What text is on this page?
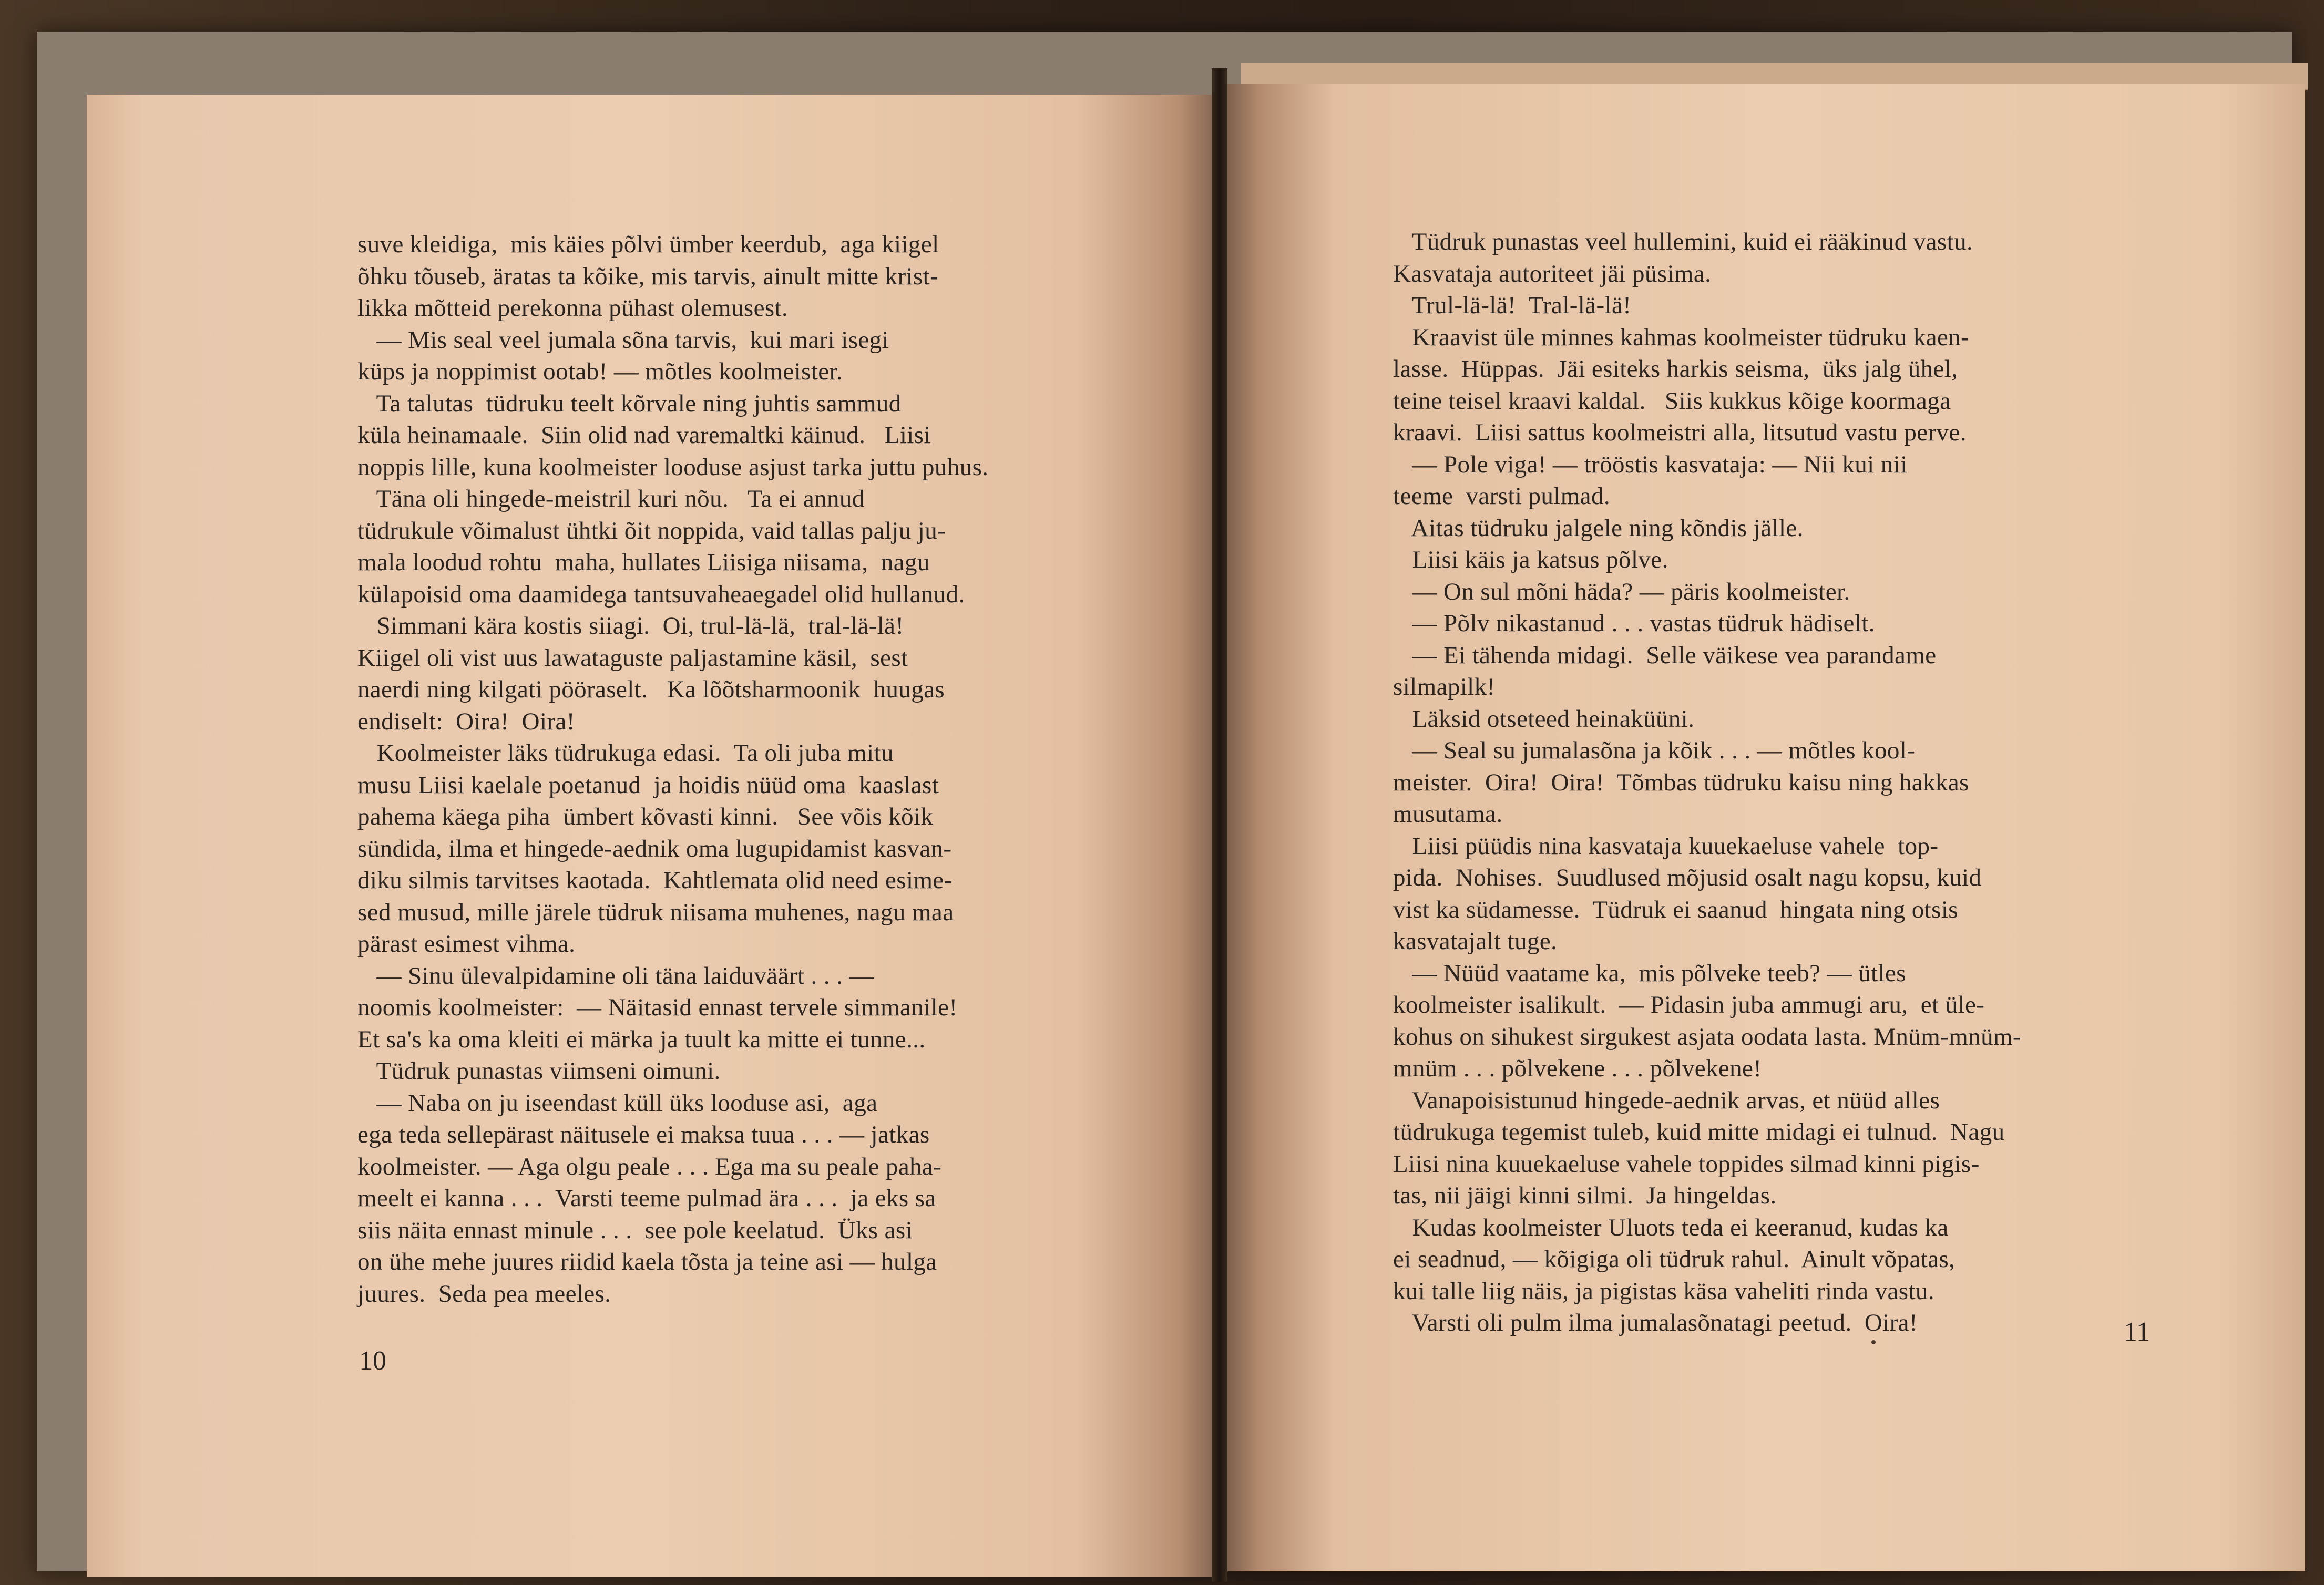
suve kleidiga,  mis käies põlvi ümber keerdub,  aga kiigel
õhku tõuseb, äratas ta kõike, mis tarvis, ainult mitte krist-
likka mõtteid perekonna pühast olemusest.
— Mis seal veel jumala sõna tarvis,  kui mari isegi
küps ja noppimist ootab! — mõtles koolmeister.
Ta talutas  tüdruku teelt kõrvale ning juhtis sammud
küla heinamaale.  Siin olid nad varemaltki käinud.   Liisi
noppis lille, kuna koolmeister looduse asjust tarka juttu puhus.
Täna oli hingede-meistril kuri nõu.   Ta ei annud
tüdrukule võimalust ühtki õit noppida, vaid tallas palju ju-
mala loodud rohtu  maha, hullates Liisiga niisama,  nagu
külapoisid oma daamidega tantsuvaheaegadel olid hullanud.
Simmani kära kostis siiagi.  Oi, trul-lä-lä,  tral-lä-lä!
Kiigel oli vist uus lawataguste paljastamine käsil,  sest
naerdi ning kilgati pööraselt.   Ka lõõtsharmoonik  huugas
endiselt:  Oira!  Oira!
Koolmeister läks tüdrukuga edasi.  Ta oli juba mitu
musu Liisi kaelale poetanud  ja hoidis nüüd oma  kaaslast
pahema käega piha  ümbert kõvasti kinni.   See võis kõik
sündida, ilma et hingede-aednik oma lugupidamist kasvan-
diku silmis tarvitses kaotada.  Kahtlemata olid need esime-
sed musud, mille järele tüdruk niisama muhenes, nagu maa
pärast esimest vihma.
— Sinu ülevalpidamine oli täna laiduväärt . . . —
noomis koolmeister:  — Näitasid ennast tervele simmanile!
Et sa's ka oma kleiti ei märka ja tuult ka mitte ei tunne...
Tüdruk punastas viimseni oimuni.
— Naba on ju iseendast küll üks looduse asi,  aga
ega teda sellepärast näitusele ei maksa tuua . . . — jatkas
koolmeister. — Aga olgu peale . . . Ega ma su peale paha-
meelt ei kanna . . .  Varsti teeme pulmad ära . . .  ja eks sa
siis näita ennast minule . . .  see pole keelatud.  Üks asi
on ühe mehe juures riidid kaela tõsta ja teine asi — hulga
juures.  Seda pea meeles.
10
Tüdruk punastas veel hullemini, kuid ei rääkinud vastu.
Kasvataja autoriteet jäi püsima.
Trul-lä-lä!  Tral-lä-lä!
Kraavist üle minnes kahmas koolmeister tüdruku kaen-
lasse.  Hüppas.  Jäi esiteks harkis seisma,  üks jalg ühel,
teine teisel kraavi kaldal.   Siis kukkus kõige koormaga
kraavi.  Liisi sattus koolmeistri alla, litsutud vastu perve.
— Pole viga! — trööstis kasvataja: — Nii kui nii
teeme  varsti pulmad.
Aitas tüdruku jalgele ning kõndis jälle.
Liisi käis ja katsus põlve.
— On sul mõni häda? — päris koolmeister.
— Põlv nikastanud . . . vastas tüdruk hädiselt.
— Ei tähenda midagi.  Selle väikese vea parandame
silmapilk!
Läksid otseteed heinaküüni.
— Seal su jumalasõna ja kõik . . . — mõtles kool-
meister.  Oira!  Oira!  Tõmbas tüdruku kaisu ning hakkas
musutama.
Liisi püüdis nina kasvataja kuuekaeluse vahele  top-
pida.  Nohises.  Suudlused mõjusid osalt nagu kopsu, kuid
vist ka südamesse.  Tüdruk ei saanud  hingata ning otsis
kasvatajalt tuge.
— Nüüd vaatame ka,  mis põlveke teeb? — ütles
koolmeister isalikult.  — Pidasin juba ammugi aru,  et üle-
kohus on sihukest sirgukest asjata oodata lasta. Mnüm-mnüm-
mnüm . . . põlvekene . . . põlvekene!
Vanapoisistunud hingede-aednik arvas, et nüüd alles
tüdrukuga tegemist tuleb, kuid mitte midagi ei tulnud.  Nagu
Liisi nina kuuekaeluse vahele toppides silmad kinni pigis-
tas, nii jäigi kinni silmi.  Ja hingeldas.
Kudas koolmeister Uluots teda ei keeranud, kudas ka
ei seadnud, — kõigiga oli tüdruk rahul.  Ainult võpatas,
kui talle liig näis, ja pigistas käsa vaheliti rinda vastu.
Varsti oli pulm ilma jumalasõnatagi peetud.  Oira!	11
